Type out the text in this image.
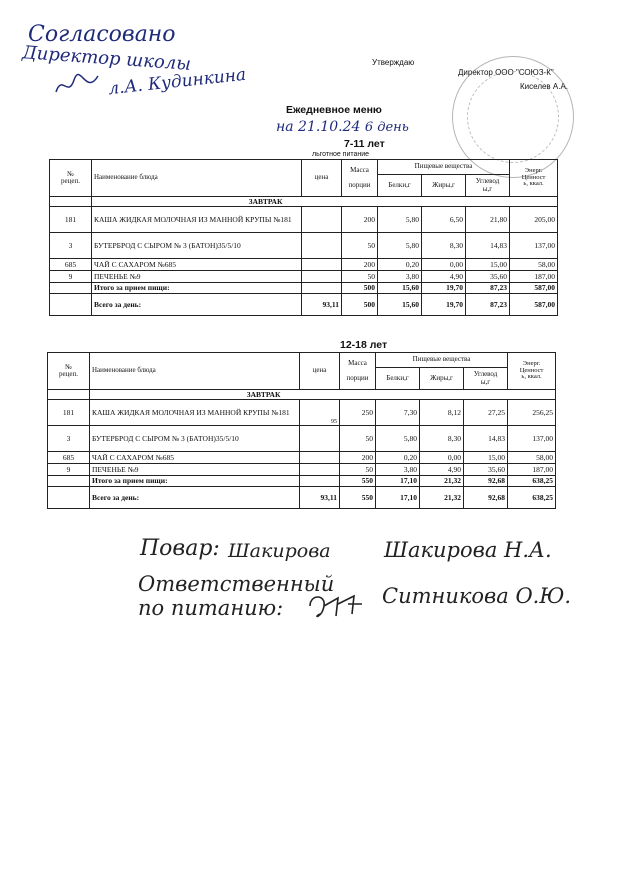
Согласовано
Директор школы
л.А. Кудинкина
Утверждаю
Директор ООО "СОЮЗ-К"
Киселев А.А.
Ежедневное меню
на 21.10.24 6 день
7-11 лет
льготное питание
№
рецеп.	Наименование блюда	цена	Масса

порции	Пищевые вещества			Энерг.
Ценност
ь, ккал.
				Белки,г	Жиры,г	Углевод
ы,г	
	ЗАВТРАК						
181	КАША ЖИДКАЯ МОЛОЧНАЯ ИЗ МАННОЙ КРУПЫ №181		200	5,80	6,50	21,80	205,00
3	БУТЕРБРОД С СЫРОМ № 3 (БАТОН)35/5/10		50	5,80	8,30	14,83	137,00
685	ЧАЙ С САХАРОМ №685		200	0,20	0,00	15,00	58,00
9	ПЕЧЕНЬЕ №9		50	3,80	4,90	35,60	187,00
	Итого за прием пищи:		500	15,60	19,70	87,23	587,00
	Всего за день:	93,11	500	15,60	19,70	87,23	587,00
12-18 лет
№
рецеп.	Наименование блюда	цена	Масса

порции	Пищевые вещества			Энерг.
Ценност
ь, ккал.
				Белки,г	Жиры,г	Углевод
ы,г	
	ЗАВТРАК						
181	КАША ЖИДКАЯ МОЛОЧНАЯ ИЗ МАННОЙ КРУПЫ №181	95	250	7,30	8,12	27,25	256,25
3	БУТЕРБРОД С СЫРОМ № 3 (БАТОН)35/5/10		50	5,80	8,30	14,83	137,00
685	ЧАЙ С САХАРОМ №685		200	0,20	0,00	15,00	58,00
9	ПЕЧЕНЬЕ №9		50	3,80	4,90	35,60	187,00
	Итого за прием пищи:		550	17,10	21,32	92,68	638,25
	Всего за день:	93,11	550	17,10	21,32	92,68	638,25
Повар: Шакирова	Шакирова Н.А.
Ответственный
по питанию:	Ситникова О.Ю.
